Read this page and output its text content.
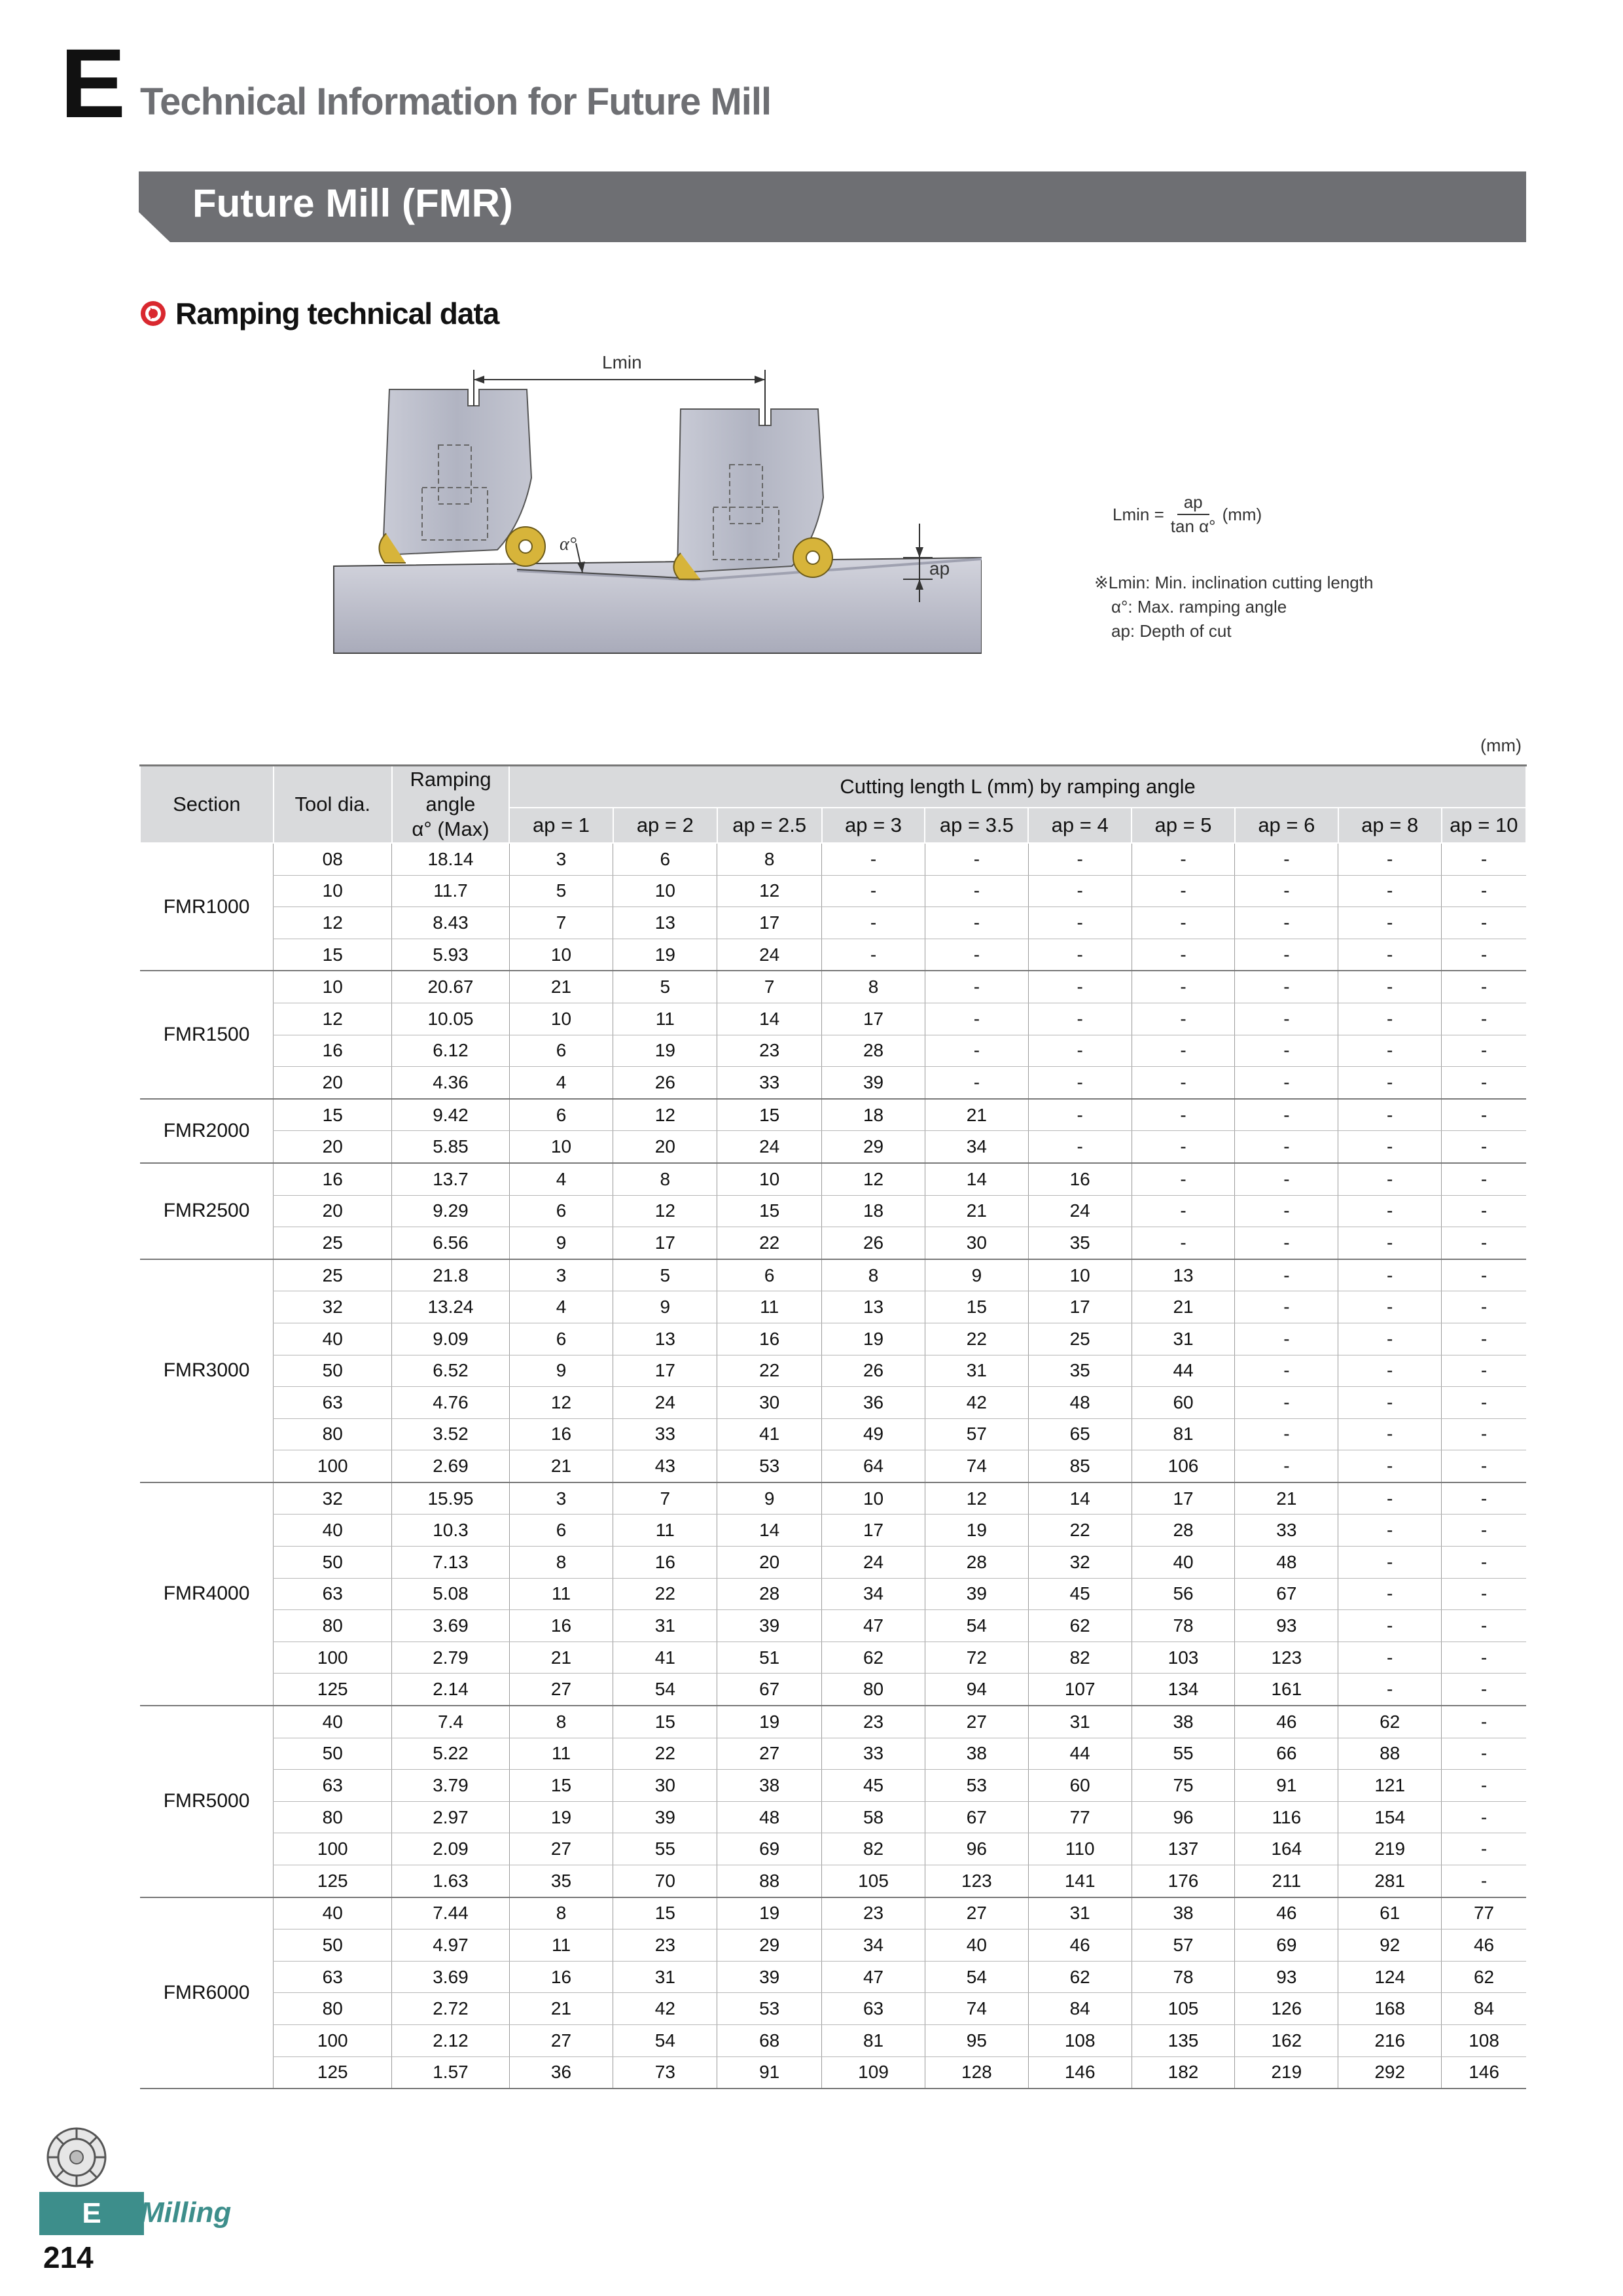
E Technical Information for Future Mill
Future Mill (FMR)
Ramping technical data
Lmin
α°
ap
$Lmin = \frac{ap}{\text{tan α°}} (mm)$
※Lmin: Min. inclination cutting length
α°: Max. ramping angle
ap: Depth of cut
(mm)
Section	Tool dia.	Ramping
angle
α° (Max)	Cutting length L (mm) by ramping angle									
			ap = 1	ap = 2	ap = 2.5	ap = 3	ap = 3.5	ap = 4	ap = 5	ap = 6	ap = 8	ap = 10
FMR1000	08	18.14	3	6	8	-	-	-	-	-	-	-
	10	11.7	5	10	12	-	-	-	-	-	-	-
	12	8.43	7	13	17	-	-	-	-	-	-	-
	15	5.93	10	19	24	-	-	-	-	-	-	-
FMR1500	10	20.67	21	5	7	8	-	-	-	-	-	-
	12	10.05	10	11	14	17	-	-	-	-	-	-
	16	6.12	6	19	23	28	-	-	-	-	-	-
	20	4.36	4	26	33	39	-	-	-	-	-	-
FMR2000	15	9.42	6	12	15	18	21	-	-	-	-	-
	20	5.85	10	20	24	29	34	-	-	-	-	-
FMR2500	16	13.7	4	8	10	12	14	16	-	-	-	-
	20	9.29	6	12	15	18	21	24	-	-	-	-
	25	6.56	9	17	22	26	30	35	-	-	-	-
FMR3000	25	21.8	3	5	6	8	9	10	13	-	-	-
	32	13.24	4	9	11	13	15	17	21	-	-	-
	40	9.09	6	13	16	19	22	25	31	-	-	-
	50	6.52	9	17	22	26	31	35	44	-	-	-
	63	4.76	12	24	30	36	42	48	60	-	-	-
	80	3.52	16	33	41	49	57	65	81	-	-	-
	100	2.69	21	43	53	64	74	85	106	-	-	-
FMR4000	32	15.95	3	7	9	10	12	14	17	21	-	-
	40	10.3	6	11	14	17	19	22	28	33	-	-
	50	7.13	8	16	20	24	28	32	40	48	-	-
	63	5.08	11	22	28	34	39	45	56	67	-	-
	80	3.69	16	31	39	47	54	62	78	93	-	-
	100	2.79	21	41	51	62	72	82	103	123	-	-
	125	2.14	27	54	67	80	94	107	134	161	-	-
FMR5000	40	7.4	8	15	19	23	27	31	38	46	62	-
	50	5.22	11	22	27	33	38	44	55	66	88	-
	63	3.79	15	30	38	45	53	60	75	91	121	-
	80	2.97	19	39	48	58	67	77	96	116	154	-
	100	2.09	27	55	69	82	96	110	137	164	219	-
	125	1.63	35	70	88	105	123	141	176	211	281	-
FMR6000	40	7.44	8	15	19	23	27	31	38	46	61	77
	50	4.97	11	23	29	34	40	46	57	69	92	46
	63	3.69	16	31	39	47	54	62	78	93	124	62
	80	2.72	21	42	53	63	74	84	105	126	168	84
	100	2.12	27	54	68	81	95	108	135	162	216	108
	125	1.57	36	73	91	109	128	146	182	219	292	146
E	Milling
214
